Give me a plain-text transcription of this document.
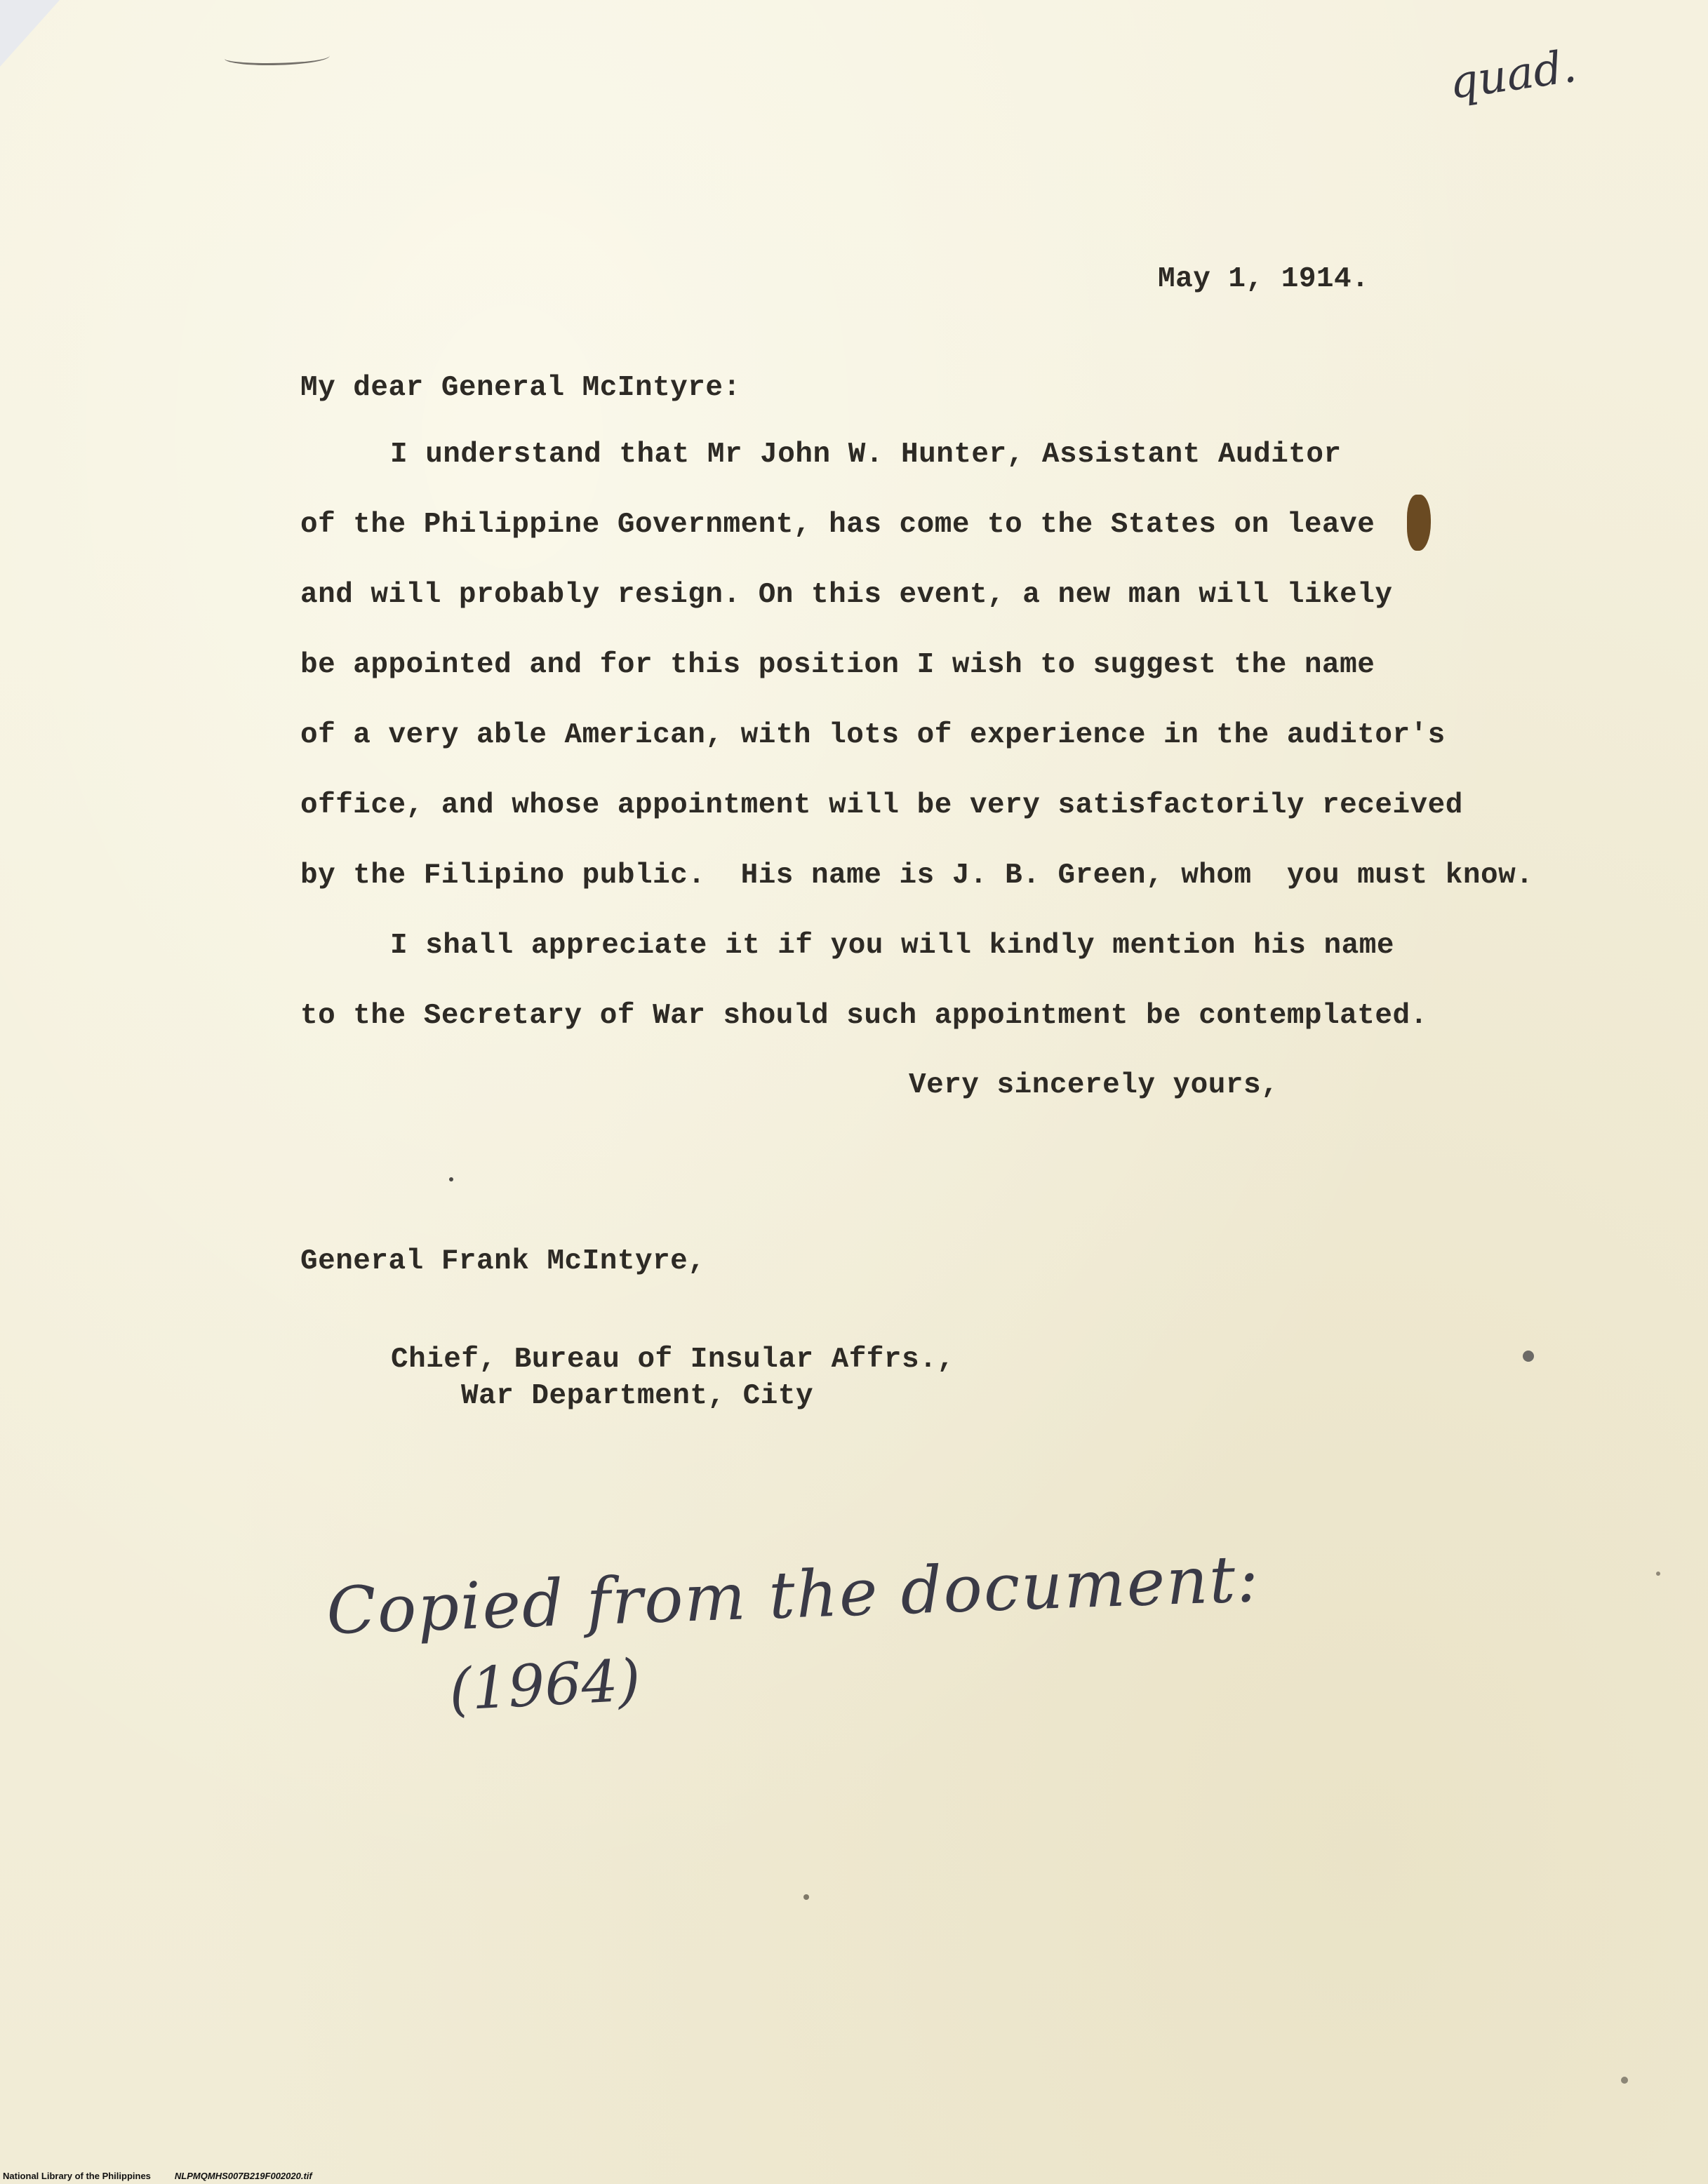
quad.
May 1, 1914.
My dear General McIntyre:
I understand that Mr John W. Hunter, Assistant Auditor
of the Philippine Government, has come to the States on leave
and will probably resign. On this event, a new man will likely
be appointed and for this position I wish to suggest the name
of a very able American, with lots of experience in the auditor's
office, and whose appointment will be very satisfactorily received
by the Filipino public.  His name is J. B. Green, whom  you must know.
I shall appreciate it if you will kindly mention his name
to the Secretary of War should such appointment be contemplated.
Very sincerely yours,
General Frank McIntyre,
Chief, Bureau of Insular Affrs.,
War Department, City
Copied from the document:
(1964)
National Library of the Philippines	NLPMQMHS007B219F002020.tif
